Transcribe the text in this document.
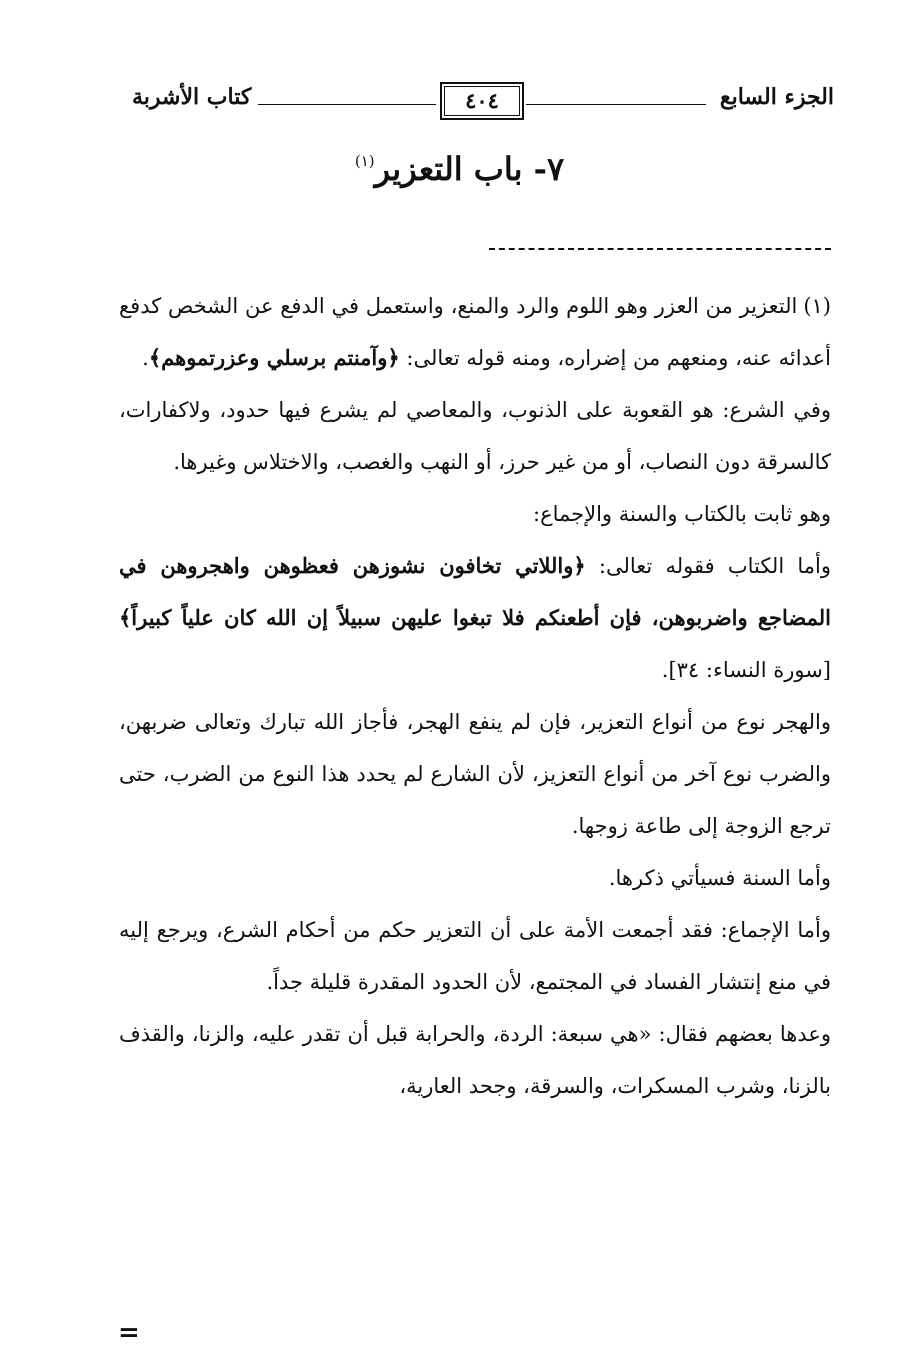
الجزء السابع
٤٠٤
كتاب الأشربة
٧- باب التعزير$^{(١)}$

(١)التعزير من العزر وهو اللوم والرد والمنع، واستعمل في الدفع عن الشخص كدفع أعدائه عنه، ومنعهم من إضراره، ومنه قوله تعالى: ﴿وآمنتم برسلي وعزرتموهم﴾.

وفي الشرع: هو القعوبة على الذنوب، والمعاصي لم يشرع فيها حدود، ولاكفارات، كالسرقة دون النصاب، أو من غير حرز، أو النهب والغصب، والاختلاس وغيرها.

وهو ثابت بالكتاب والسنة والإجماع:

وأما الكتاب فقوله تعالى: ﴿واللاتي تخافون نشوزهن فعظوهن واهجروهن في المضاجع واضربوهن، فإن أطعنكم فلا تبغوا عليهن سبيلاً إن الله كان علياً كبيراً﴾ [سورة النساء: ٣٤].

والهجر نوع من أنواع التعزير، فإن لم ينفع الهجر، فأجاز الله تبارك وتعالى ضربهن، والضرب نوع آخر من أنواع التعزيز، لأن الشارع لم يحدد هذا النوع من الضرب، حتى ترجع الزوجة إلى طاعة زوجها.

وأما السنة فسيأتي ذكرها.

وأما الإجماع: فقد أجمعت الأمة على أن التعزير حكم من أحكام الشرع، ويرجع إليه في منع إنتشار الفساد في المجتمع، لأن الحدود المقدرة قليلة جداً.

وعدها بعضهم فقال: «هي سبعة: الردة، والحرابة قبل أن تقدر عليه، والزنا، والقذف بالزنا، وشرب المسكرات، والسرقة، وجحد العارية،

=
